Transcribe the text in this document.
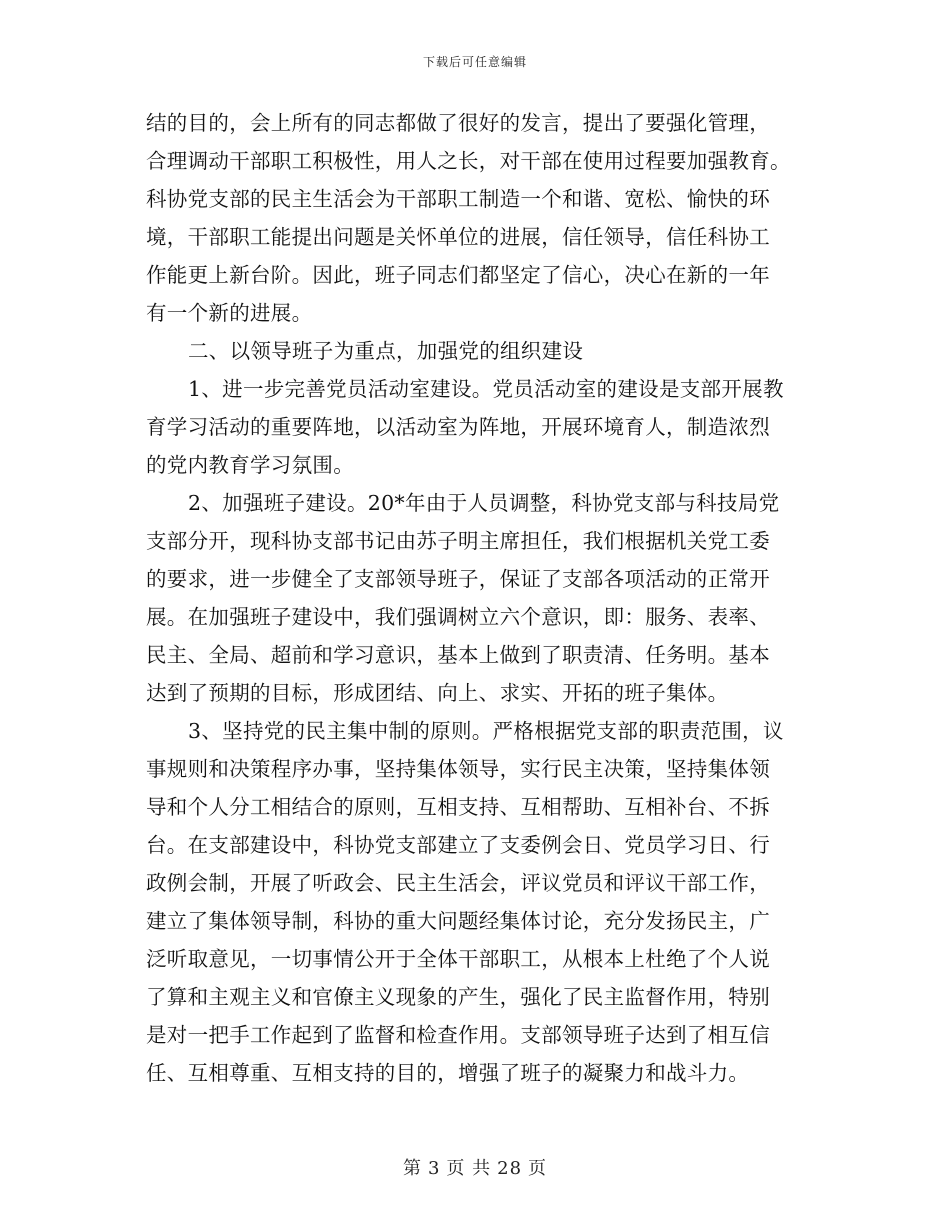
下载后可任意编辑
结的目的，会上所有的同志都做了很好的发言，提出了要强化管理，
合理调动干部职工积极性，用人之长，对干部在使用过程要加强教育。
科协党支部的民主生活会为干部职工制造一个和谐、宽松、愉快的环
境，干部职工能提出问题是关怀单位的进展，信任领导，信任科协工
作能更上新台阶。因此，班子同志们都坚定了信心，决心在新的一年
有一个新的进展。
二、以领导班子为重点，加强党的组织建设
1、进一步完善党员活动室建设。党员活动室的建设是支部开展教
育学习活动的重要阵地，以活动室为阵地，开展环境育人，制造浓烈
的党内教育学习氛围。
2、加强班子建设。20*年由于人员调整，科协党支部与科技局党
支部分开，现科协支部书记由苏子明主席担任，我们根据机关党工委
的要求，进一步健全了支部领导班子，保证了支部各项活动的正常开
展。在加强班子建设中，我们强调树立六个意识，即：服务、表率、
民主、全局、超前和学习意识，基本上做到了职责清、任务明。基本
达到了预期的目标，形成团结、向上、求实、开拓的班子集体。
3、坚持党的民主集中制的原则。严格根据党支部的职责范围，议
事规则和决策程序办事，坚持集体领导，实行民主决策，坚持集体领
导和个人分工相结合的原则，互相支持、互相帮助、互相补台、不拆
台。在支部建设中，科协党支部建立了支委例会日、党员学习日、行
政例会制，开展了听政会、民主生活会，评议党员和评议干部工作，
建立了集体领导制，科协的重大问题经集体讨论，充分发扬民主，广
泛听取意见，一切事情公开于全体干部职工，从根本上杜绝了个人说
了算和主观主义和官僚主义现象的产生，强化了民主监督作用，特别
是对一把手工作起到了监督和检查作用。支部领导班子达到了相互信
任、互相尊重、互相支持的目的，增强了班子的凝聚力和战斗力。
第 3 页 共 28 页
